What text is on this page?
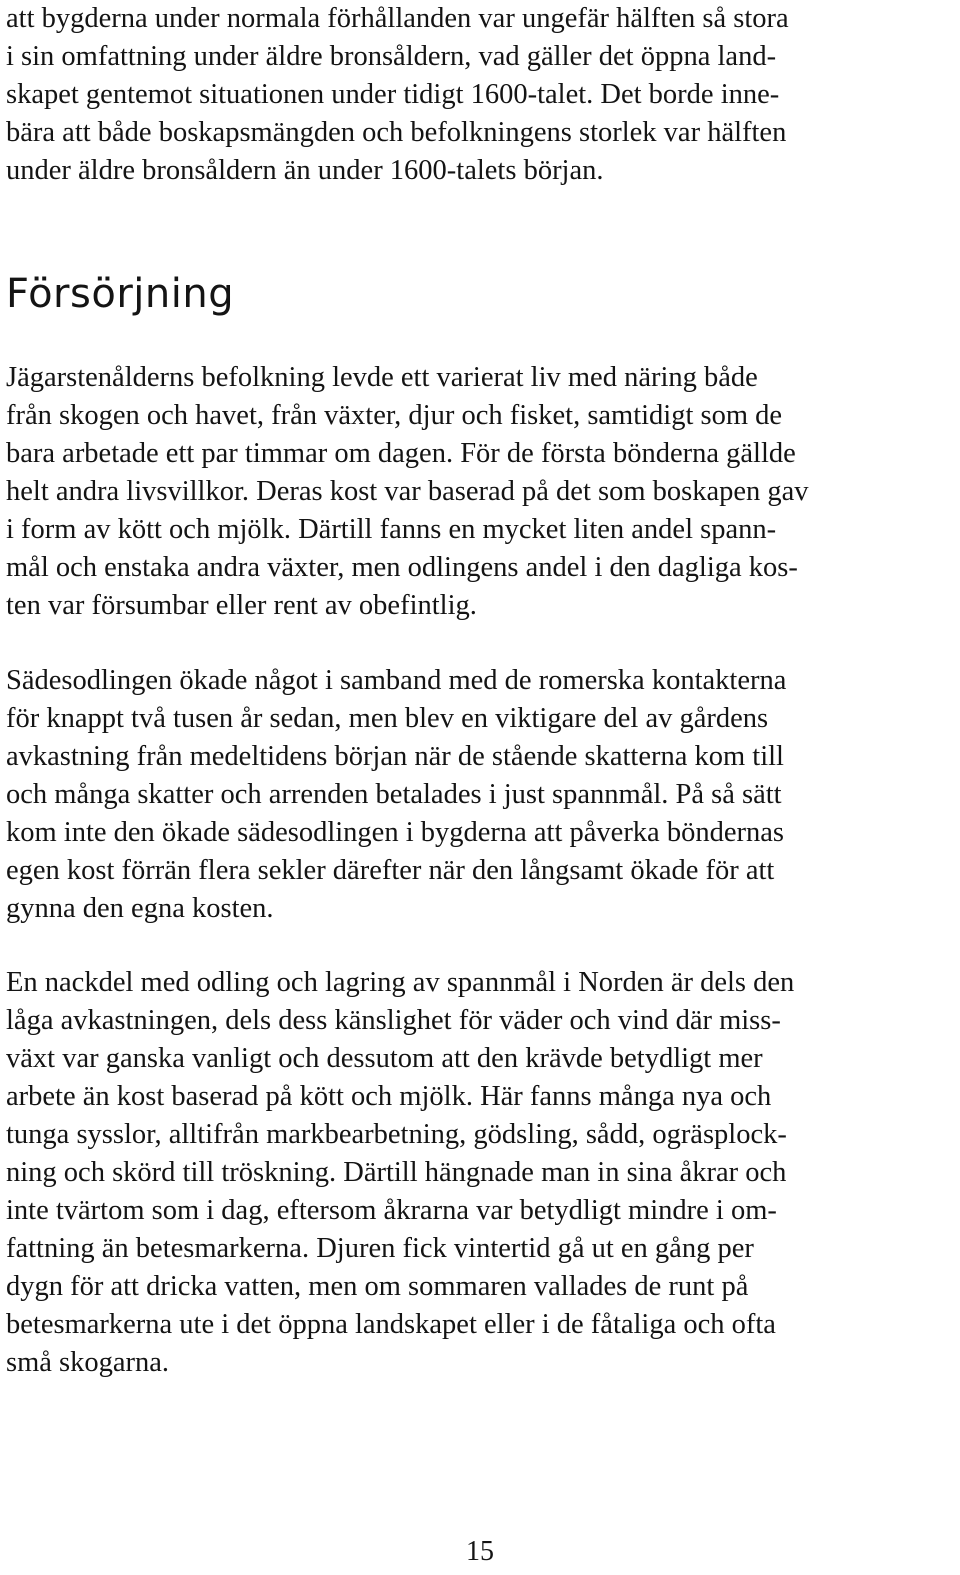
att bygderna under normala förhållanden var ungefär hälften så stora
i sin omfattning under äldre bronsåldern, vad gäller det öppna land-
skapet gentemot situationen under tidigt 1600-talet. Det borde inne-
bära att både boskapsmängden och befolkningens storlek var hälften
under äldre bronsåldern än under 1600-talets början.
Försörjning
Jägarstenålderns befolkning levde ett varierat liv med näring både
från skogen och havet, från växter, djur och fisket, samtidigt som de
bara arbetade ett par timmar om dagen. För de första bönderna gällde
helt andra livsvillkor. Deras kost var baserad på det som boskapen gav
i form av kött och mjölk. Därtill fanns en mycket liten andel spann-
mål och enstaka andra växter, men odlingens andel i den dagliga kos-
ten var försumbar eller rent av obefintlig.
Sädesodlingen ökade något i samband med de romerska kontakterna
för knappt två tusen år sedan, men blev en viktigare del av gårdens
avkastning från medeltidens början när de stående skatterna kom till
och många skatter och arrenden betalades i just spannmål. På så sätt
kom inte den ökade sädesodlingen i bygderna att påverka böndernas
egen kost förrän flera sekler därefter när den långsamt ökade för att
gynna den egna kosten.
En nackdel med odling och lagring av spannmål i Norden är dels den
låga avkastningen, dels dess känslighet för väder och vind där miss-
växt var ganska vanligt och dessutom att den krävde betydligt mer
arbete än kost baserad på kött och mjölk. Här fanns många nya och
tunga sysslor, alltifrån markbearbetning, gödsling, sådd, ogräsplock-
ning och skörd till tröskning. Därtill hängnade man in sina åkrar och
inte tvärtom som i dag, eftersom åkrarna var betydligt mindre i om-
fattning än betesmarkerna. Djuren fick vintertid gå ut en gång per
dygn för att dricka vatten, men om sommaren vallades de runt på
betesmarkerna ute i det öppna landskapet eller i de fåtaliga och ofta
små skogarna.
15
